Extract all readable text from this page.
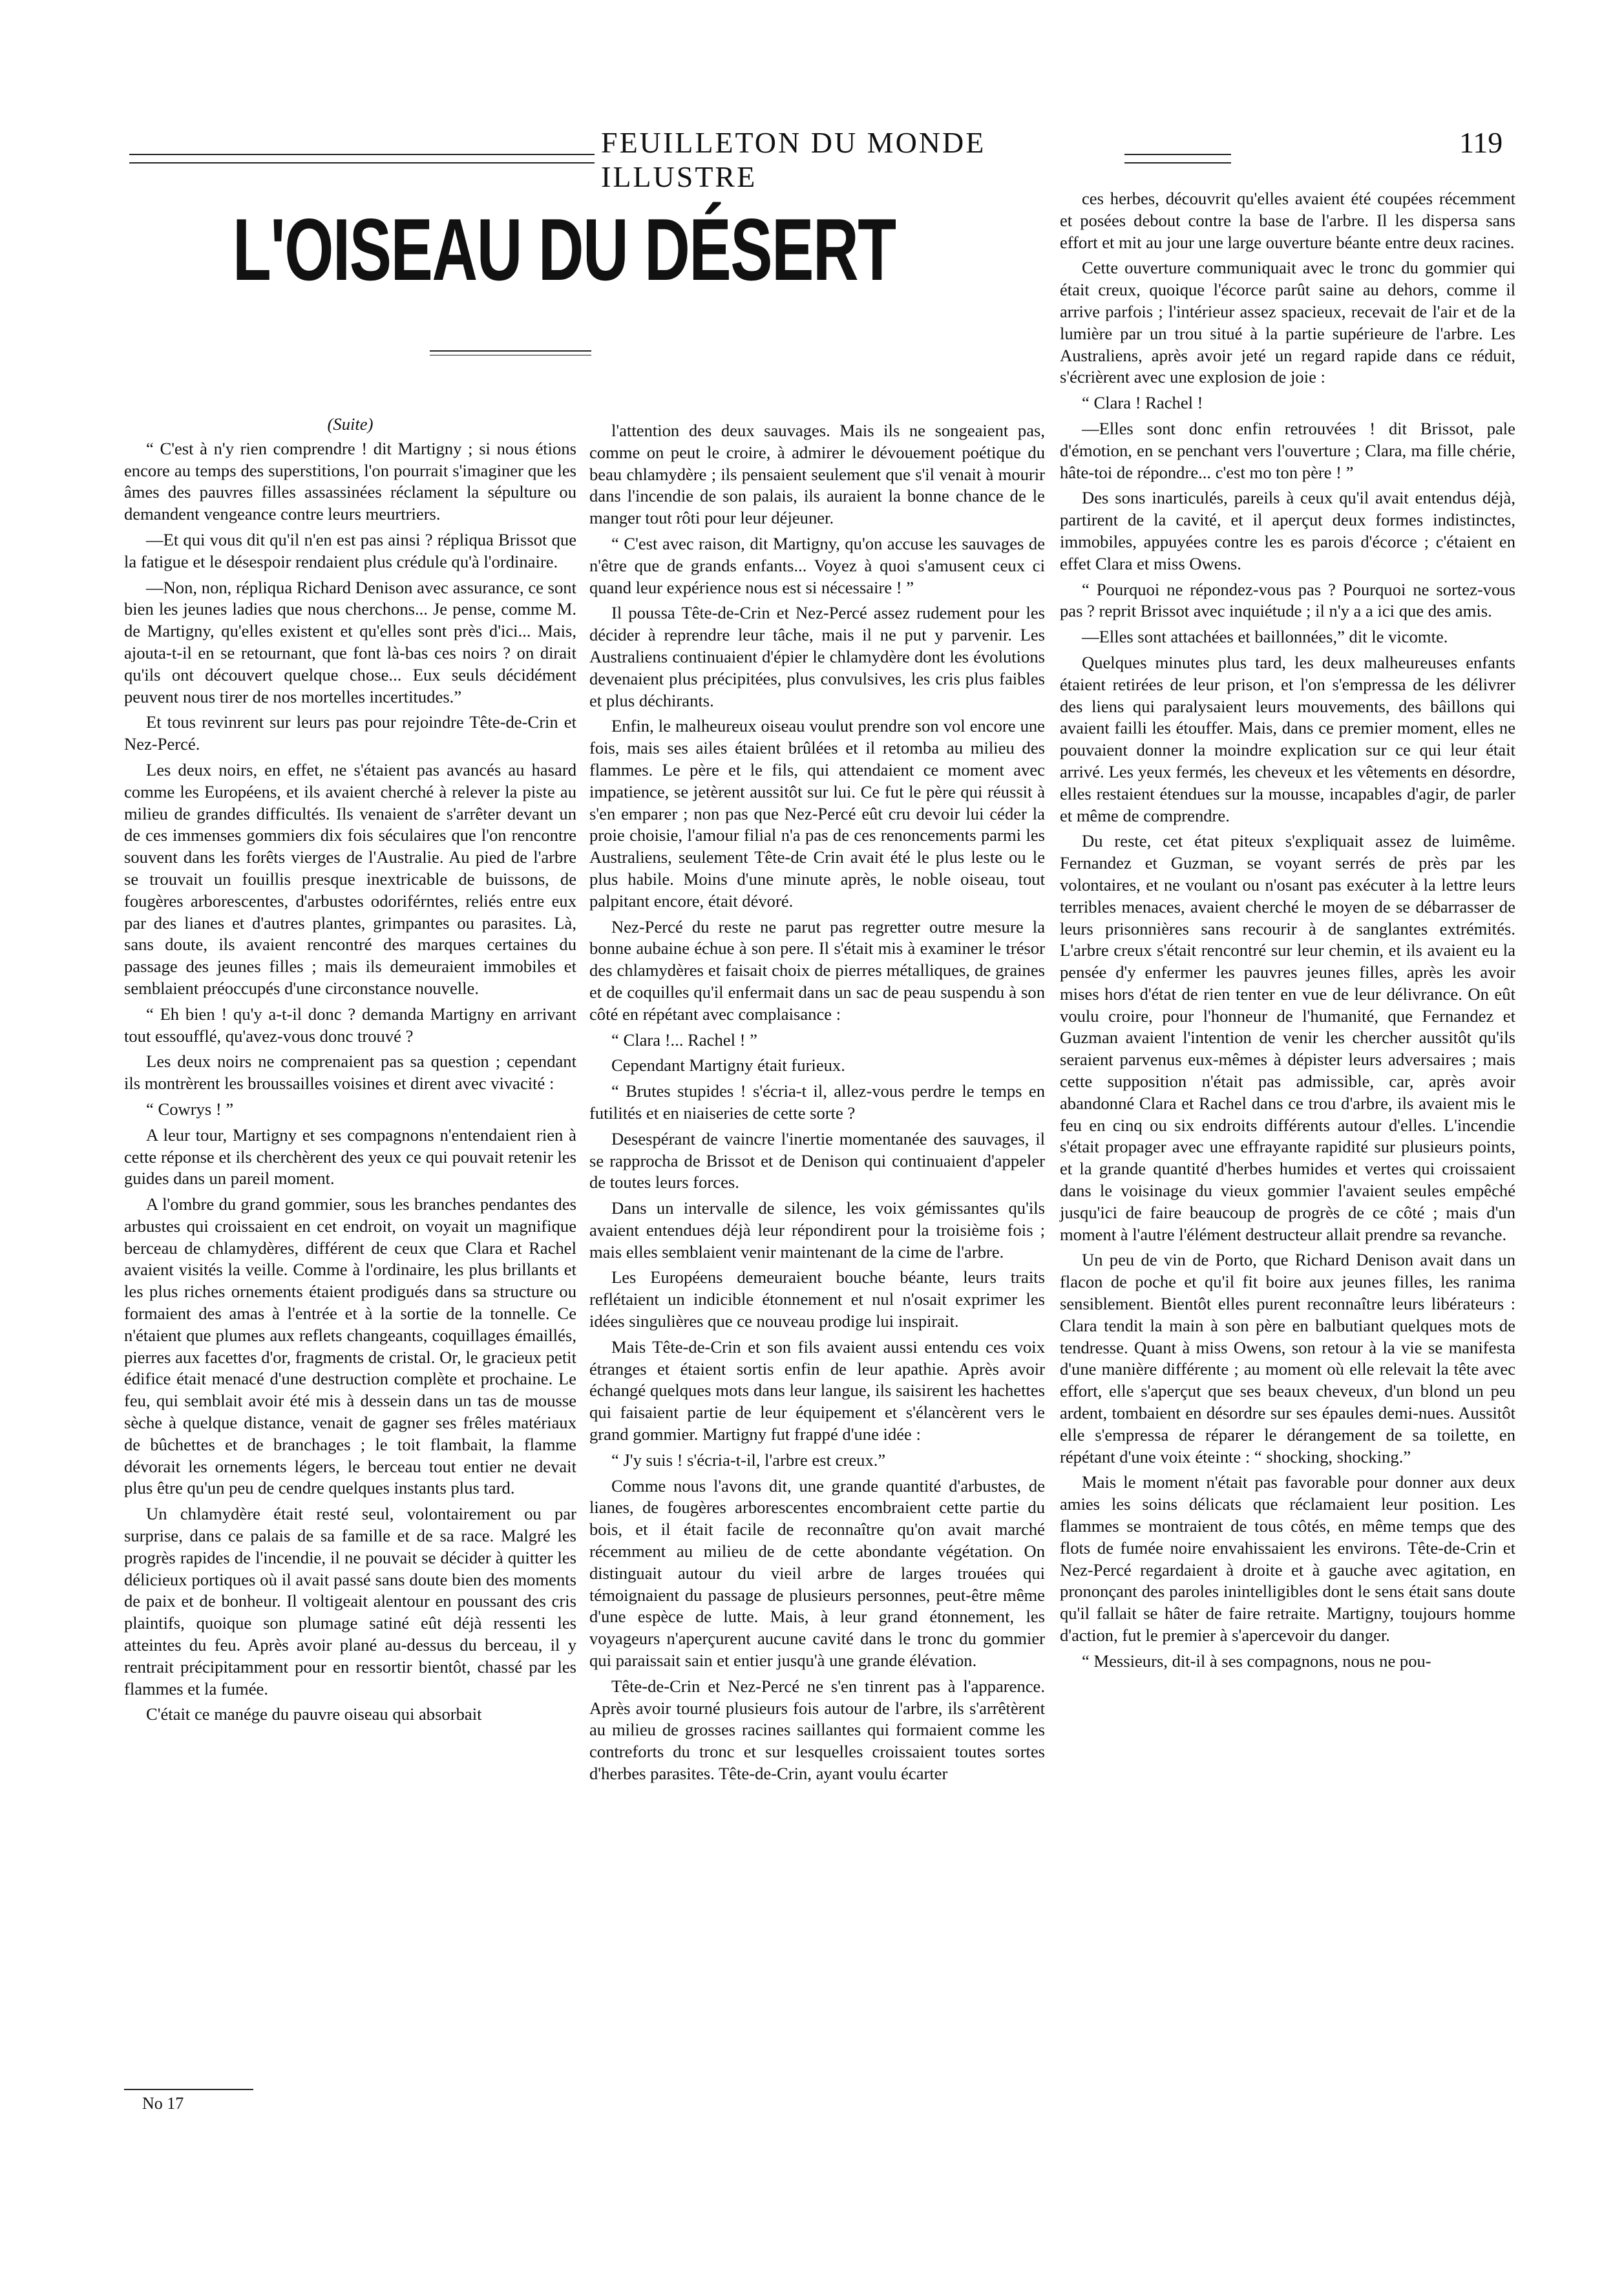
FEUILLETON DU MONDE ILLUSTRE
119
L'OISEAU DU DÉSERT

(Suite)

“ C'est à n'y rien comprendre ! dit Martigny ; si nous étions encore au temps des superstitions, l'on pourrait s'imaginer que les âmes des pauvres filles assassinées réclament la sépulture ou demandent vengeance contre leurs meurtriers.

—Et qui vous dit qu'il n'en est pas ainsi ? répliqua Brissot que la fatigue et le désespoir rendaient plus crédule qu'à l'ordinaire.

—Non, non, répliqua Richard Denison avec assurance, ce sont bien les jeunes ladies que nous cherchons... Je pense, comme M. de Martigny, qu'elles existent et qu'elles sont près d'ici... Mais, ajouta-t-il en se retournant, que font là-bas ces noirs ? on dirait qu'ils ont découvert quelque chose... Eux seuls décidément peuvent nous tirer de nos mortelles incertitudes.”

Et tous revinrent sur leurs pas pour rejoindre Tête-de-Crin et Nez-Percé.

Les deux noirs, en effet, ne s'étaient pas avancés au hasard comme les Européens, et ils avaient cherché à relever la piste au milieu de grandes difficultés. Ils venaient de s'arrêter devant un de ces immenses gommiers dix fois séculaires que l'on rencontre souvent dans les forêts vierges de l'Australie. Au pied de l'arbre se trouvait un fouillis presque inextricable de buissons, de fougères arborescentes, d'arbustes odoriférntes, reliés entre eux par des lianes et d'autres plantes, grimpantes ou parasites. Là, sans doute, ils avaient rencontré des marques certaines du passage des jeunes filles ; mais ils demeuraient immobiles et semblaient préoccupés d'une circonstance nouvelle.

“ Eh bien ! qu'y a-t-il donc ? demanda Martigny en arrivant tout essoufflé, qu'avez-vous donc trouvé ?

Les deux noirs ne comprenaient pas sa question ; cependant ils montrèrent les broussailles voisines et dirent avec vivacité :

“ Cowrys ! ”

A leur tour, Martigny et ses compagnons n'entendaient rien à cette réponse et ils cherchèrent des yeux ce qui pouvait retenir les guides dans un pareil moment.

A l'ombre du grand gommier, sous les branches pendantes des arbustes qui croissaient en cet endroit, on voyait un magnifique berceau de chlamydères, différent de ceux que Clara et Rachel avaient visités la veille. Comme à l'ordinaire, les plus brillants et les plus riches ornements étaient prodigués dans sa structure ou formaient des amas à l'entrée et à la sortie de la tonnelle. Ce n'étaient que plumes aux reflets changeants, coquillages émaillés, pierres aux facettes d'or, fragments de cristal. Or, le gracieux petit édifice était menacé d'une destruction complète et prochaine. Le feu, qui semblait avoir été mis à dessein dans un tas de mousse sèche à quelque distance, venait de gagner ses frêles matériaux de bûchettes et de branchages ; le toit flambait, la flamme dévorait les ornements légers, le berceau tout entier ne devait plus être qu'un peu de cendre quelques instants plus tard.

Un chlamydère était resté seul, volontairement ou par surprise, dans ce palais de sa famille et de sa race. Malgré les progrès rapides de l'incendie, il ne pouvait se décider à quitter les délicieux portiques où il avait passé sans doute bien des moments de paix et de bonheur. Il voltigeait alentour en poussant des cris plaintifs, quoique son plumage satiné eût déjà ressenti les atteintes du feu. Après avoir plané au-dessus du berceau, il y rentrait précipitamment pour en ressortir bientôt, chassé par les flammes et la fumée.

C'était ce manége du pauvre oiseau qui absorbait

l'attention des deux sauvages. Mais ils ne songeaient pas, comme on peut le croire, à admirer le dévouement poétique du beau chlamydère ; ils pensaient seulement que s'il venait à mourir dans l'incendie de son palais, ils auraient la bonne chance de le manger tout rôti pour leur déjeuner.

“ C'est avec raison, dit Martigny, qu'on accuse les sauvages de n'être que de grands enfants... Voyez à quoi s'amusent ceux ci quand leur expérience nous est si nécessaire ! ”

Il poussa Tête-de-Crin et Nez-Percé assez rudement pour les décider à reprendre leur tâche, mais il ne put y parvenir. Les Australiens continuaient d'épier le chlamydère dont les évolutions devenaient plus précipitées, plus convulsives, les cris plus faibles et plus déchirants.

Enfin, le malheureux oiseau voulut prendre son vol encore une fois, mais ses ailes étaient brûlées et il retomba au milieu des flammes. Le père et le fils, qui attendaient ce moment avec impatience, se jetèrent aussitôt sur lui. Ce fut le père qui réussit à s'en emparer ; non pas que Nez-Percé eût cru devoir lui céder la proie choisie, l'amour filial n'a pas de ces renoncements parmi les Australiens, seulement Tête-de Crin avait été le plus leste ou le plus habile. Moins d'une minute après, le noble oiseau, tout palpitant encore, était dévoré.

Nez-Percé du reste ne parut pas regretter outre mesure la bonne aubaine échue à son pere. Il s'était mis à examiner le trésor des chlamydères et faisait choix de pierres métalliques, de graines et de coquilles qu'il enfermait dans un sac de peau suspendu à son côté en répétant avec complaisance :

“ Clara !... Rachel ! ”

Cependant Martigny était furieux.

“ Brutes stupides ! s'écria-t il, allez-vous perdre le temps en futilités et en niaiseries de cette sorte ?

Desespérant de vaincre l'inertie momentanée des sauvages, il se rapprocha de Brissot et de Denison qui continuaient d'appeler de toutes leurs forces.

Dans un intervalle de silence, les voix gémissantes qu'ils avaient entendues déjà leur répondirent pour la troisième fois ; mais elles semblaient venir maintenant de la cime de l'arbre.

Les Européens demeuraient bouche béante, leurs traits reflétaient un indicible étonnement et nul n'osait exprimer les idées singulières que ce nouveau prodige lui inspirait.

Mais Tête-de-Crin et son fils avaient aussi entendu ces voix étranges et étaient sortis enfin de leur apathie. Après avoir échangé quelques mots dans leur langue, ils saisirent les hachettes qui faisaient partie de leur équipement et s'élancèrent vers le grand gommier. Martigny fut frappé d'une idée :

“ J'y suis ! s'écria-t-il, l'arbre est creux.”

Comme nous l'avons dit, une grande quantité d'arbustes, de lianes, de fougères arborescentes encombraient cette partie du bois, et il était facile de reconnaître qu'on avait marché récemment au milieu de de cette abondante végétation. On distinguait autour du vieil arbre de larges trouées qui témoignaient du passage de plusieurs personnes, peut-être même d'une espèce de lutte. Mais, à leur grand étonnement, les voyageurs n'aperçurent aucune cavité dans le tronc du gommier qui paraissait sain et entier jusqu'à une grande élévation.

Tête-de-Crin et Nez-Percé ne s'en tinrent pas à l'apparence. Après avoir tourné plusieurs fois autour de l'arbre, ils s'arrêtèrent au milieu de grosses racines saillantes qui formaient comme les contreforts du tronc et sur lesquelles croissaient toutes sortes d'herbes parasites. Tête-de-Crin, ayant voulu écarter

ces herbes, découvrit qu'elles avaient été coupées récemment et posées debout contre la base de l'arbre. Il les dispersa sans effort et mit au jour une large ouverture béante entre deux racines.

Cette ouverture communiquait avec le tronc du gommier qui était creux, quoique l'écorce parût saine au dehors, comme il arrive parfois ; l'intérieur assez spacieux, recevait de l'air et de la lumière par un trou situé à la partie supérieure de l'arbre. Les Australiens, après avoir jeté un regard rapide dans ce réduit, s'écrièrent avec une explosion de joie :

“ Clara ! Rachel !

—Elles sont donc enfin retrouvées ! dit Brissot, pale d'émotion, en se penchant vers l'ouverture ; Clara, ma fille chérie, hâte-toi de répondre... c'est mo ton père ! ”

Des sons inarticulés, pareils à ceux qu'il avait entendus déjà, partirent de la cavité, et il aperçut deux formes indistinctes, immobiles, appuyées contre les es parois d'écorce ; c'étaient en effet Clara et miss Owens.

“ Pourquoi ne répondez-vous pas ? Pourquoi ne sortez-vous pas ? reprit Brissot avec inquiétude ; il n'y a a ici que des amis.

—Elles sont attachées et baillonnées,” dit le vicomte.

Quelques minutes plus tard, les deux malheureuses enfants étaient retirées de leur prison, et l'on s'empressa de les délivrer des liens qui paralysaient leurs mouvements, des bâillons qui avaient failli les étouffer. Mais, dans ce premier moment, elles ne pouvaient donner la moindre explication sur ce qui leur était arrivé. Les yeux fermés, les cheveux et les vêtements en désordre, elles restaient étendues sur la mousse, incapables d'agir, de parler et même de comprendre.

Du reste, cet état piteux s'expliquait assez de luimême. Fernandez et Guzman, se voyant serrés de près par les volontaires, et ne voulant ou n'osant pas exécuter à la lettre leurs terribles menaces, avaient cherché le moyen de se débarrasser de leurs prisonnières sans recourir à de sanglantes extrémités. L'arbre creux s'était rencontré sur leur chemin, et ils avaient eu la pensée d'y enfermer les pauvres jeunes filles, après les avoir mises hors d'état de rien tenter en vue de leur délivrance. On eût voulu croire, pour l'honneur de l'humanité, que Fernandez et Guzman avaient l'intention de venir les chercher aussitôt qu'ils seraient parvenus eux-mêmes à dépister leurs adversaires ; mais cette supposition n'était pas admissible, car, après avoir abandonné Clara et Rachel dans ce trou d'arbre, ils avaient mis le feu en cinq ou six endroits différents autour d'elles. L'incendie s'était propager avec une effrayante rapidité sur plusieurs points, et la grande quantité d'herbes humides et vertes qui croissaient dans le voisinage du vieux gommier l'avaient seules empêché jusqu'ici de faire beaucoup de progrès de ce côté ; mais d'un moment à l'autre l'élément destructeur allait prendre sa revanche.

Un peu de vin de Porto, que Richard Denison avait dans un flacon de poche et qu'il fit boire aux jeunes filles, les ranima sensiblement. Bientôt elles purent reconnaître leurs libérateurs : Clara tendit la main à son père en balbutiant quelques mots de tendresse. Quant à miss Owens, son retour à la vie se manifesta d'une manière différente ; au moment où elle relevait la tête avec effort, elle s'aperçut que ses beaux cheveux, d'un blond un peu ardent, tombaient en désordre sur ses épaules demi-nues. Aussitôt elle s'empressa de réparer le dérangement de sa toilette, en répétant d'une voix éteinte : “ shocking, shocking.”

Mais le moment n'était pas favorable pour donner aux deux amies les soins délicats que réclamaient leur position. Les flammes se montraient de tous côtés, en même temps que des flots de fumée noire envahissaient les environs. Tête-de-Crin et Nez-Percé regardaient à droite et à gauche avec agitation, en prononçant des paroles inintelligibles dont le sens était sans doute qu'il fallait se hâter de faire retraite. Martigny, toujours homme d'action, fut le premier à s'apercevoir du danger.

“ Messieurs, dit-il à ses compagnons, nous ne pou-

No 17
